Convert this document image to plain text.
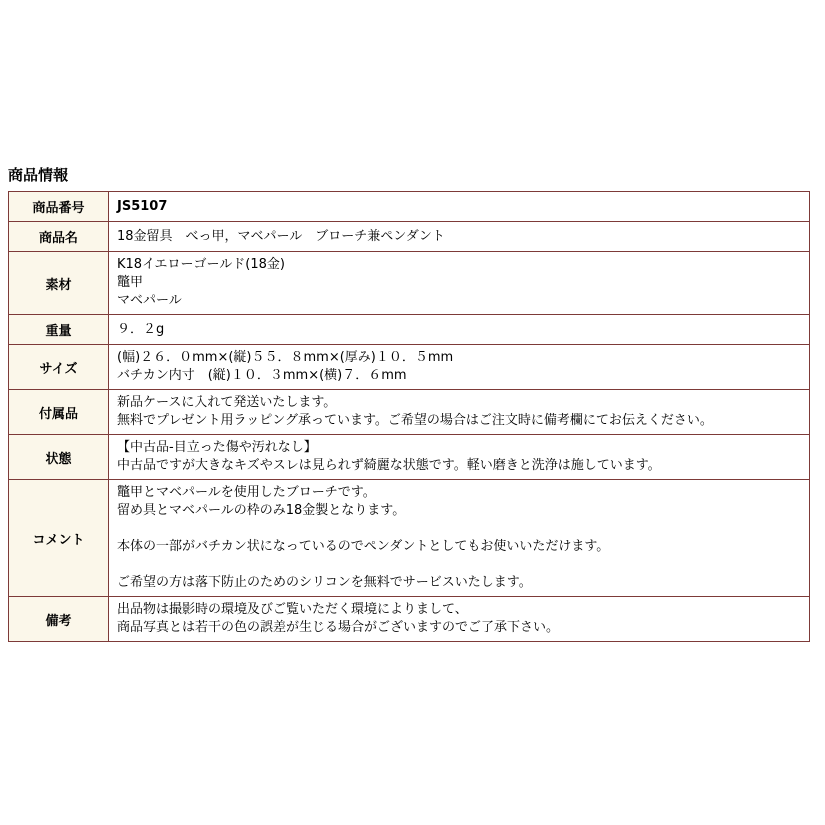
商品情報
商品番号	JS5107

商品名	18金留具　べっ甲，マベパール　ブローチ兼ペンダント

素材	K18イエローゴールド(18金)
鼈甲
マベパール

重量	９．２g

サイズ	(幅)２６．０mm×(縦)５５．８mm×(厚み)１０．５mm
バチカン内寸　(縦)１０．３mm×(横)７．６mm

付属品	新品ケースに入れて発送いたします。
無料でプレゼント用ラッピング承っています。ご希望の場合はご注文時に備考欄にてお伝えください。

状態	【中古品-目立った傷や汚れなし】
中古品ですが大きなキズやスレは見られず綺麗な状態です。軽い磨きと洗浄は施しています。

コメント	鼈甲とマベパールを使用したブローチです。
留め具とマベパールの枠のみ18金製となります。
本体の一部がバチカン状になっているのでペンダントとしてもお使いいただけます。
ご希望の方は落下防止のためのシリコンを無料でサービスいたします。

備考	出品物は撮影時の環境及びご覧いただく環境によりまして、
商品写真とは若干の色の誤差が生じる場合がございますのでご了承下さい。
